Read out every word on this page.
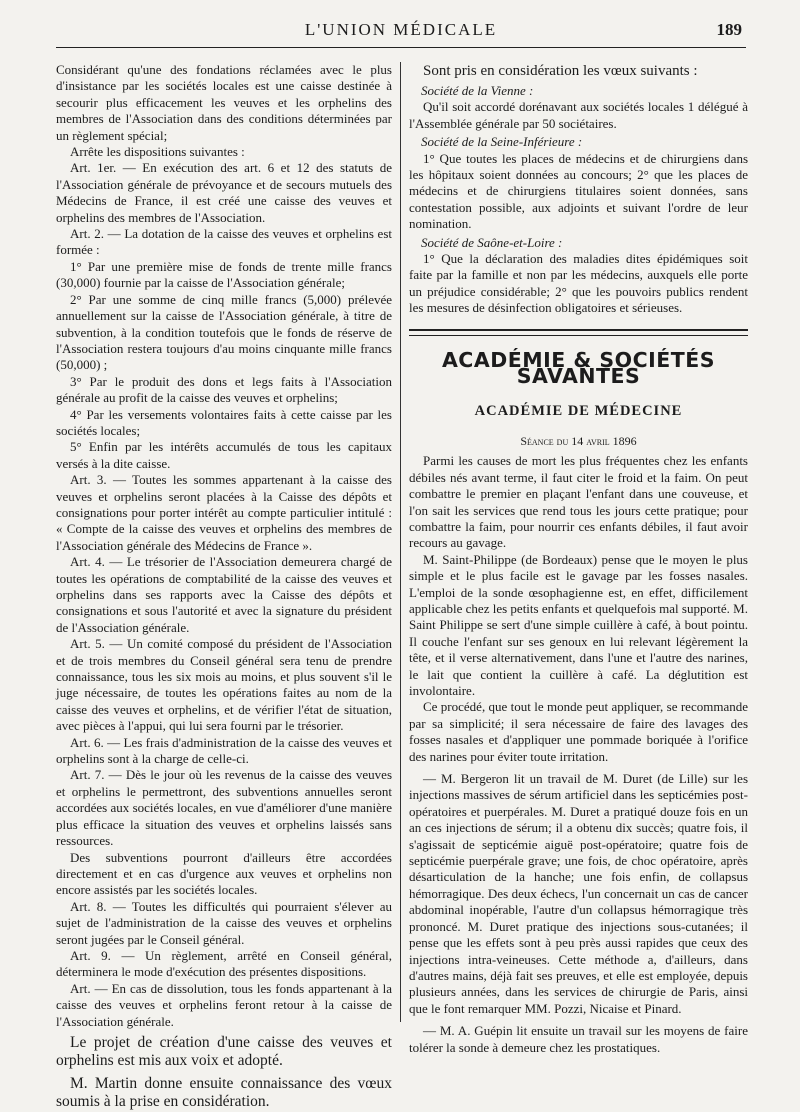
L'UNION MÉDICALE	189

Considérant qu'une des fondations réclamées avec le plus d'insistance par les sociétés locales est une caisse destinée à secourir plus efficacement les veuves et les orphelins des membres de l'Association dans des conditions déterminées par un règlement spécial;

Arrête les dispositions suivantes :

Art. 1er. — En exécution des art. 6 et 12 des statuts de l'Association générale de prévoyance et de secours mutuels des Médecins de France, il est créé une caisse des veuves et orphelins des membres de l'Association.

Art. 2. — La dotation de la caisse des veuves et orphelins est formée :

1° Par une première mise de fonds de trente mille francs (30,000) fournie par la caisse de l'Association générale;

2° Par une somme de cinq mille francs (5,000) prélevée annuellement sur la caisse de l'Association générale, à titre de subvention, à la condition toutefois que le fonds de réserve de l'Association restera toujours d'au moins cinquante mille francs (50,000) ;

3° Par le produit des dons et legs faits à l'Association générale au profit de la caisse des veuves et orphelins;

4° Par les versements volontaires faits à cette caisse par les sociétés locales;

5° Enfin par les intérêts accumulés de tous les capitaux versés à la dite caisse.

Art. 3. — Toutes les sommes appartenant à la caisse des veuves et orphelins seront placées à la Caisse des dépôts et consignations pour porter intérêt au compte particulier intitulé : « Compte de la caisse des veuves et orphelins des membres de l'Association générale des Médecins de France ».

Art. 4. — Le trésorier de l'Association demeurera chargé de toutes les opérations de comptabilité de la caisse des veuves et orphelins dans ses rapports avec la Caisse des dépôts et consignations et sous l'autorité et avec la signature du président de l'Association générale.

Art. 5. — Un comité composé du président de l'Association et de trois membres du Conseil général sera tenu de prendre connaissance, tous les six mois au moins, et plus souvent s'il le juge nécessaire, de toutes les opérations faites au nom de la caisse des veuves et orphelins, et de vérifier l'état de situation, avec pièces à l'appui, qui lui sera fourni par le trésorier.

Art. 6. — Les frais d'administration de la caisse des veuves et orphelins sont à la charge de celle-ci.

Art. 7. — Dès le jour où les revenus de la caisse des veuves et orphelins le permettront, des subventions annuelles seront accordées aux sociétés locales, en vue d'améliorer d'une manière plus efficace la situation des veuves et orphelins laissés sans ressources.

Des subventions pourront d'ailleurs être accordées directement et en cas d'urgence aux veuves et orphelins non encore assistés par les sociétés locales.

Art. 8. — Toutes les difficultés qui pourraient s'élever au sujet de l'administration de la caisse des veuves et orphelins seront jugées par le Conseil général.

Art. 9. — Un règlement, arrêté en Conseil général, déterminera le mode d'exécution des présentes dispositions.

Art. — En cas de dissolution, tous les fonds appartenant à la caisse des veuves et orphelins feront retour à la caisse de l'Association générale.

Le projet de création d'une caisse des veuves et orphelins est mis aux voix et adopté.

M. Martin donne ensuite connaissance des vœux soumis à la prise en considération.

Sont pris en considération les vœux suivants :

Société de la Vienne :

Qu'il soit accordé dorénavant aux sociétés locales 1 délégué à l'Assemblée générale par 50 sociétaires.

Société de la Seine-Inférieure :

1° Que toutes les places de médecins et de chirurgiens dans les hôpitaux soient données au concours; 2° que les places de médecins et de chirurgiens titulaires soient données, sans contestation possible, aux adjoints et suivant l'ordre de leur nomination.

Société de Saône-et-Loire :

1° Que la déclaration des maladies dites épidémiques soit faite par la famille et non par les médecins, auxquels elle porte un préjudice considérable; 2° que les pouvoirs publics rendent les mesures de désinfection obligatoires et sérieuses.

ACADÉMIE & SOCIÉTÉS SAVANTES
ACADÉMIE DE MÉDECINE
Séance du 14 avril 1896

Parmi les causes de mort les plus fréquentes chez les enfants débiles nés avant terme, il faut citer le froid et la faim. On peut combattre le premier en plaçant l'enfant dans une couveuse, et l'on sait les services que rend tous les jours cette pratique; pour combattre la faim, pour nourrir ces enfants débiles, il faut avoir recours au gavage.

M. Saint-Philippe (de Bordeaux) pense que le moyen le plus simple et le plus facile est le gavage par les fosses nasales. L'emploi de la sonde œsophagienne est, en effet, difficilement applicable chez les petits enfants et quelquefois mal supporté. M. Saint Philippe se sert d'une simple cuillère à café, à bout pointu. Il couche l'enfant sur ses genoux en lui relevant légèrement la tête, et il verse alternativement, dans l'une et l'autre des narines, le lait que contient la cuillère à café. La déglutition est involontaire.

Ce procédé, que tout le monde peut appliquer, se recommande par sa simplicité; il sera nécessaire de faire des lavages des fosses nasales et d'appliquer une pommade boriquée à l'orifice des narines pour éviter toute irritation.

— M. Bergeron lit un travail de M. Duret (de Lille) sur les injections massives de sérum artificiel dans les septicémies post-opératoires et puerpérales. M. Duret a pratiqué douze fois en un an ces injections de sérum; il a obtenu dix succès; quatre fois, il s'agissait de septicémie aiguë post-opératoire; quatre fois de septicémie puerpérale grave; une fois, de choc opératoire, après désarticulation de la hanche; une fois enfin, de collapsus hémorragique. Des deux échecs, l'un concernait un cas de cancer abdominal inopérable, l'autre d'un collapsus hémorragique très prononcé. M. Duret pratique des injections sous-cutanées; il pense que les effets sont à peu près aussi rapides que ceux des injections intra-veineuses. Cette méthode a, d'ailleurs, dans d'autres mains, déjà fait ses preuves, et elle est employée, depuis plusieurs années, dans les services de chirurgie de Paris, ainsi que le font remarquer MM. Pozzi, Nicaise et Pinard.

— M. A. Guépin lit ensuite un travail sur les moyens de faire tolérer la sonde à demeure chez les prostatiques.
